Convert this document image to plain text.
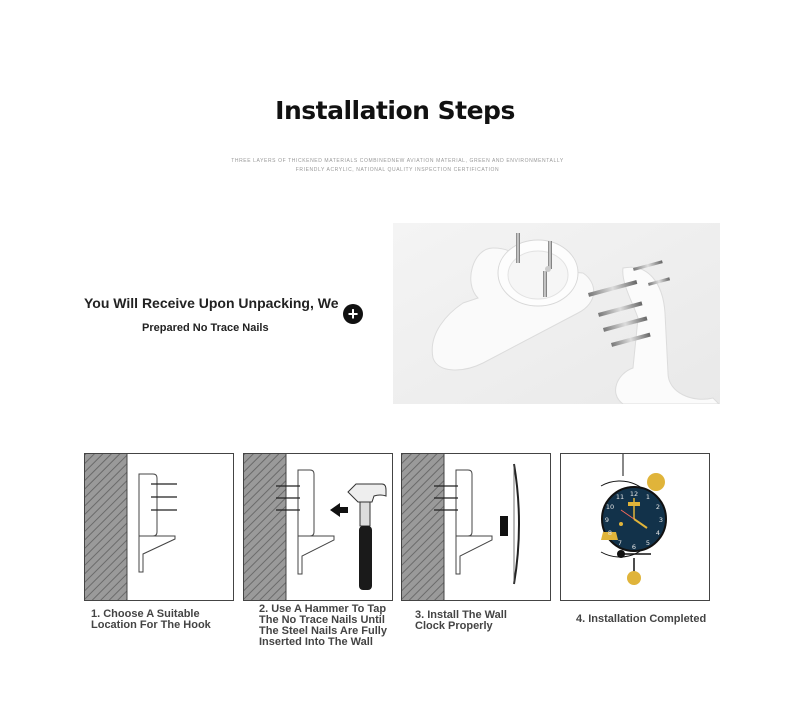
Installation Steps
THREE LAYERS OF THICKENED MATERIALS COMBINEDNEW AVIATION MATERIAL, GREEN AND ENVIRONMENTALLY FRIENDLY ACRYLIC, NATIONAL QUALITY INSPECTION CERTIFICATION
You Will Receive Upon Unpacking, We
+
Prepared No Trace Nails
12 1
2
3
4
5
6
7
8
9
10
11
1. Choose A Suitable Location For The Hook
2. Use A Hammer To Tap The No Trace Nails Until The Steel Nails Are Fully Inserted Into The Wall
3. Install The Wall Clock Properly
4. Installation Completed
